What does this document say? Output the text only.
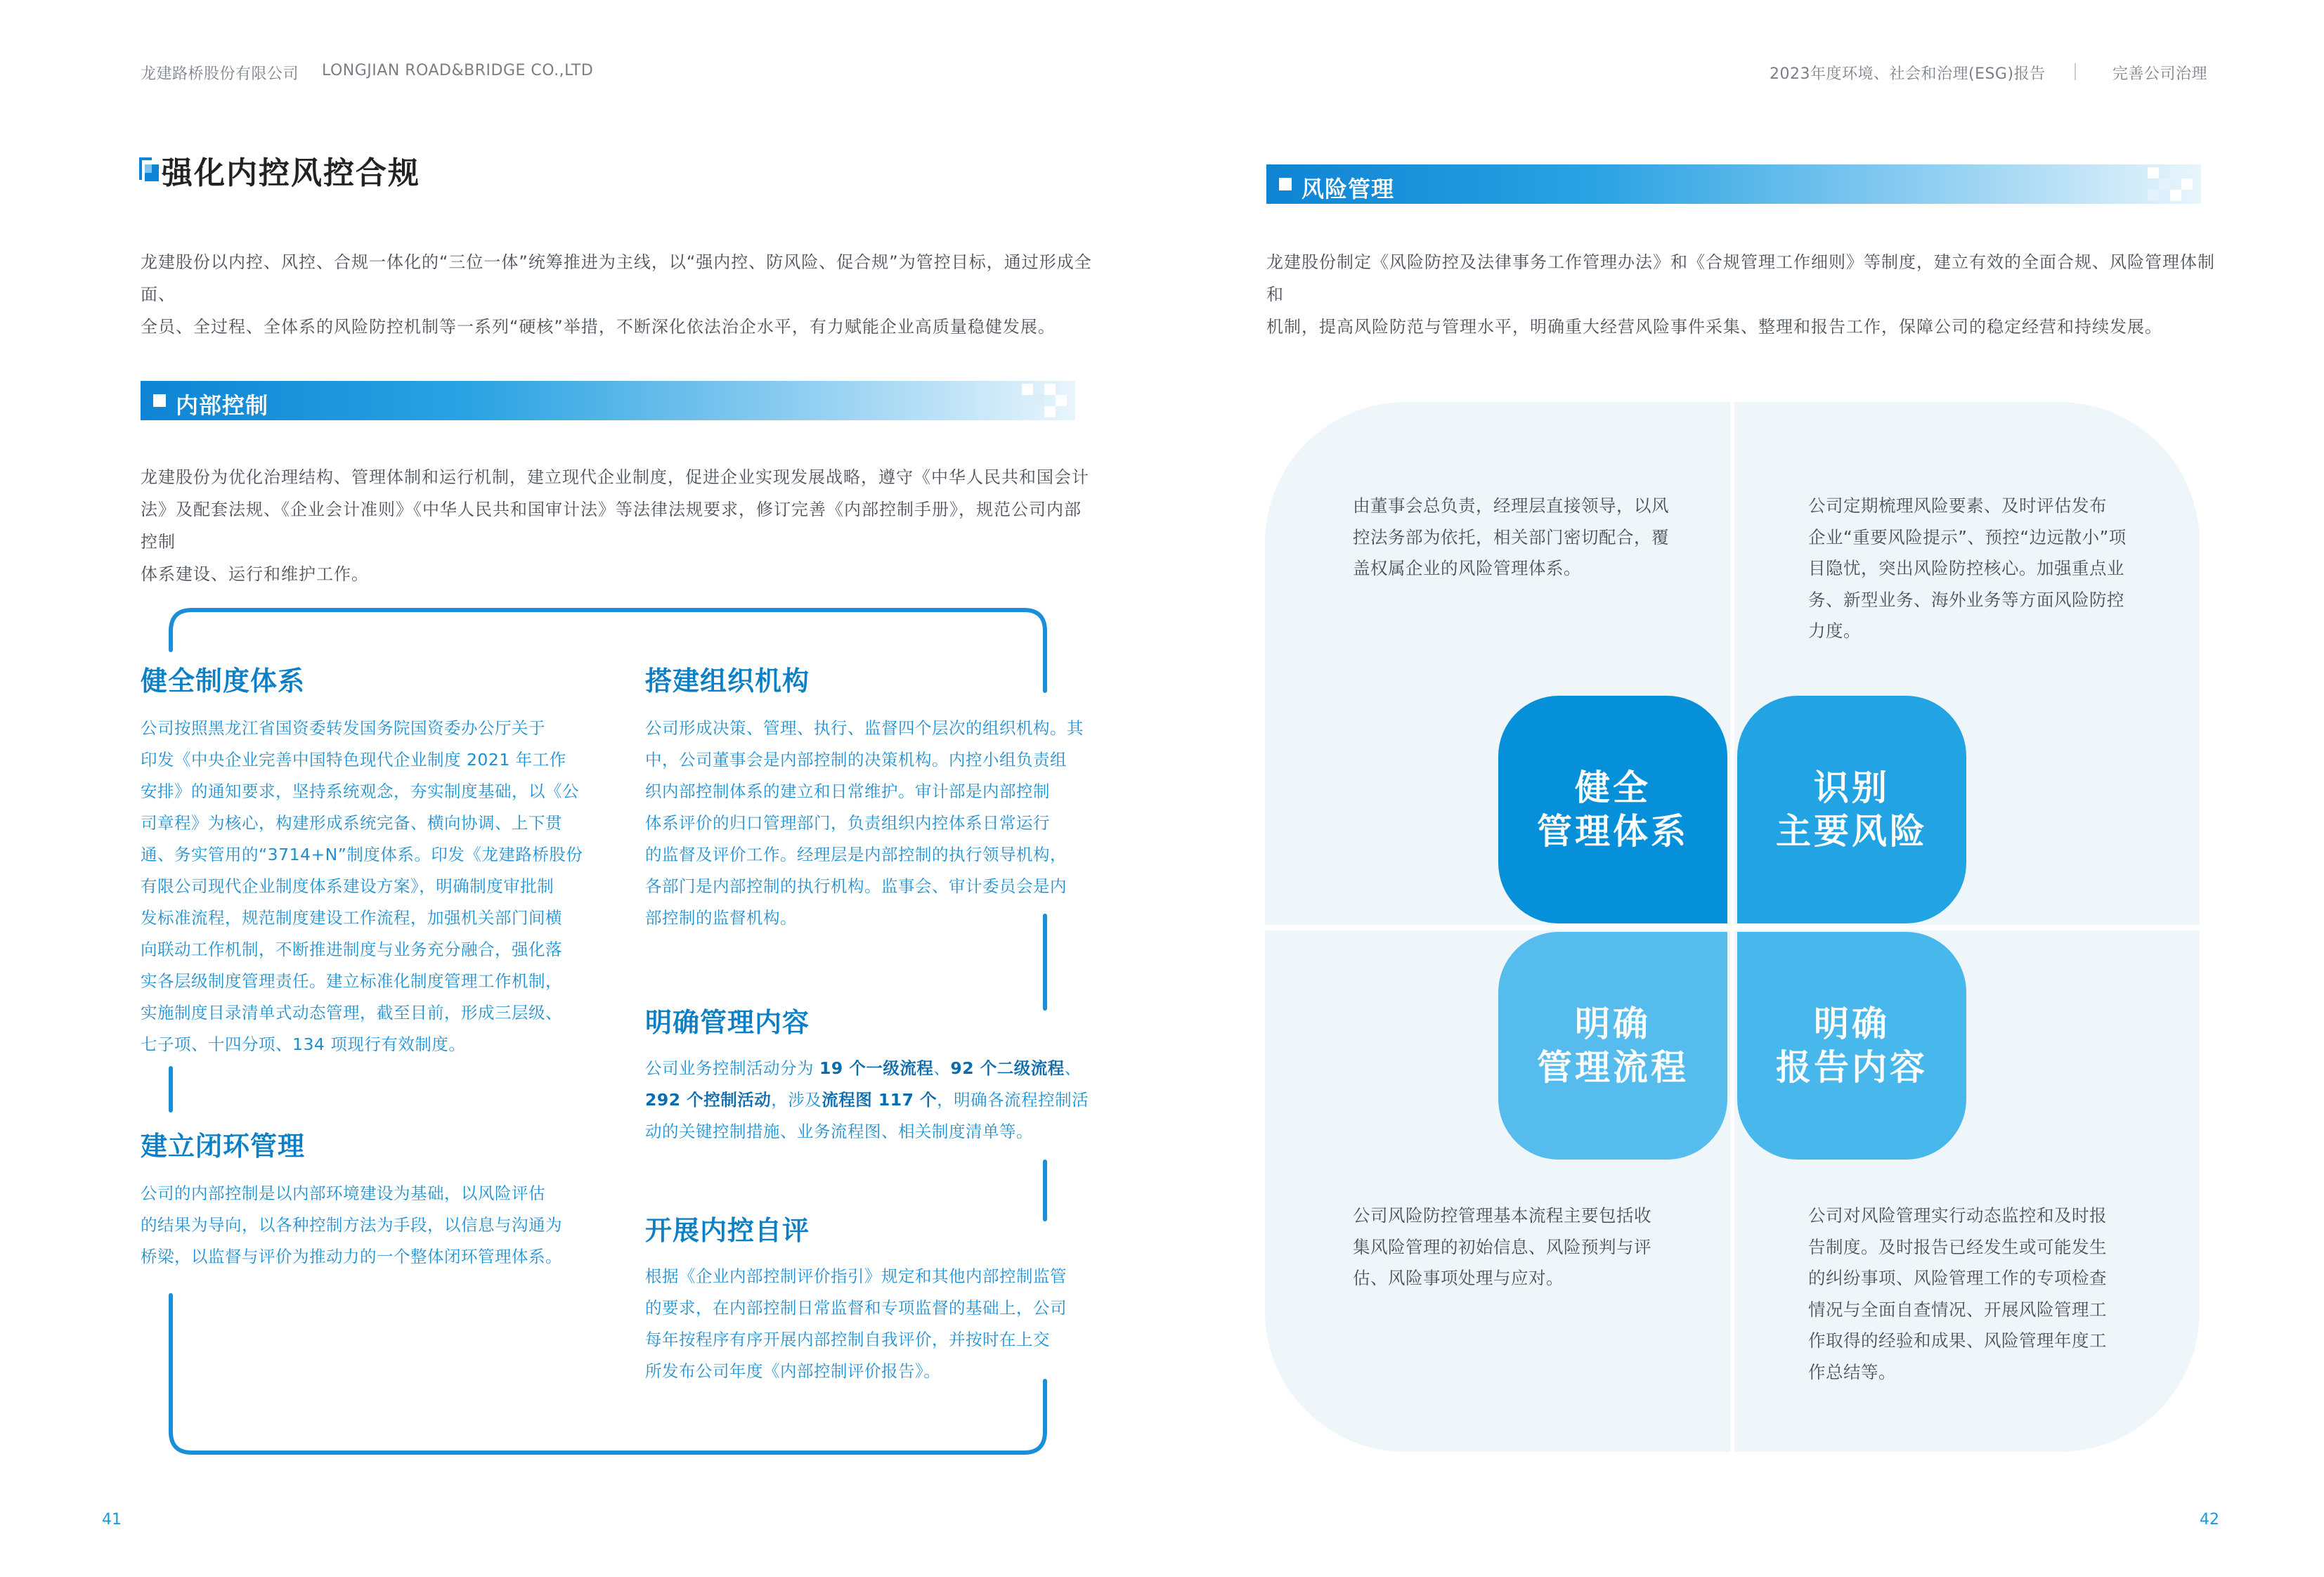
龙建路桥股份有限公司 LONGJIAN ROAD&BRIDGE CO.,LTD	2023年度环境、社会和治理(ESG)报告	完善公司治理
强化内控风控合规
龙建股份以内控、风控、合规一体化的“三位一体”统筹推进为主线，以“强内控、防风险、促合规”为管控目标，通过形成全面、
全员、全过程、全体系的风险防控机制等一系列“硬核”举措，不断深化依法治企水平，有力赋能企业高质量稳健发展。
内部控制
龙建股份为优化治理结构、管理体制和运行机制，建立现代企业制度，促进企业实现发展战略，遵守《中华人民共和国会计
法》及配套法规、《企业会计准则》《中华人民共和国审计法》等法律法规要求，修订完善《内部控制手册》，规范公司内部控制
体系建设、运行和维护工作。
健全制度体系
公司按照黑龙江省国资委转发国务院国资委办公厅关于
印发《中央企业完善中国特色现代企业制度 2021 年工作
安排》的通知要求，坚持系统观念，夯实制度基础，以《公
司章程》为核心，构建形成系统完备、横向协调、上下贯
通、务实管用的“3714+N”制度体系。印发《龙建路桥股份
有限公司现代企业制度体系建设方案》，明确制度审批制
发标准流程，规范制度建设工作流程，加强机关部门间横
向联动工作机制，不断推进制度与业务充分融合，强化落
实各层级制度管理责任。建立标准化制度管理工作机制，
实施制度目录清单式动态管理，截至目前，形成三层级、
七子项、十四分项、134 项现行有效制度。
搭建组织机构
公司形成决策、管理、执行、监督四个层次的组织机构。其
中，公司董事会是内部控制的决策机构。内控小组负责组
织内部控制体系的建立和日常维护。审计部是内部控制
体系评价的归口管理部门，负责组织内控体系日常运行
的监督及评价工作。经理层是内部控制的执行领导机构，
各部门是内部控制的执行机构。监事会、审计委员会是内
部控制的监督机构。
建立闭环管理
公司的内部控制是以内部环境建设为基础，以风险评估
的结果为导向，以各种控制方法为手段，以信息与沟通为
桥梁，以监督与评价为推动力的一个整体闭环管理体系。
明确管理内容
公司业务控制活动分为 19 个一级流程、92 个二级流程、
292 个控制活动，涉及流程图 117 个，明确各流程控制活
动的关键控制措施、业务流程图、相关制度清单等。
开展内控自评
根据《企业内部控制评价指引》规定和其他内部控制监管
的要求，在内部控制日常监督和专项监督的基础上，公司
每年按程序有序开展内部控制自我评价，并按时在上交
所发布公司年度《内部控制评价报告》。
41
风险管理
龙建股份制定《风险防控及法律事务工作管理办法》和《合规管理工作细则》等制度，建立有效的全面合规、风险管理体制和
机制，提高风险防范与管理水平，明确重大经营风险事件采集、整理和报告工作，保障公司的稳定经营和持续发展。
由董事会总负责，经理层直接领导，以风
控法务部为依托，相关部门密切配合，覆
盖权属企业的风险管理体系。
公司定期梳理风险要素、及时评估发布
企业“重要风险提示”、预控“边远散小”项
目隐忧，突出风险防控核心。加强重点业
务、新型业务、海外业务等方面风险防控
力度。
公司风险防控管理基本流程主要包括收
集风险管理的初始信息、风险预判与评
估、风险事项处理与应对。
公司对风险管理实行动态监控和及时报
告制度。及时报告已经发生或可能发生
的纠纷事项、风险管理工作的专项检查
情况与全面自查情况、开展风险管理工
作取得的经验和成果、风险管理年度工
作总结等。
健全
管理体系
识别
主要风险
明确
管理流程
明确
报告内容
42
